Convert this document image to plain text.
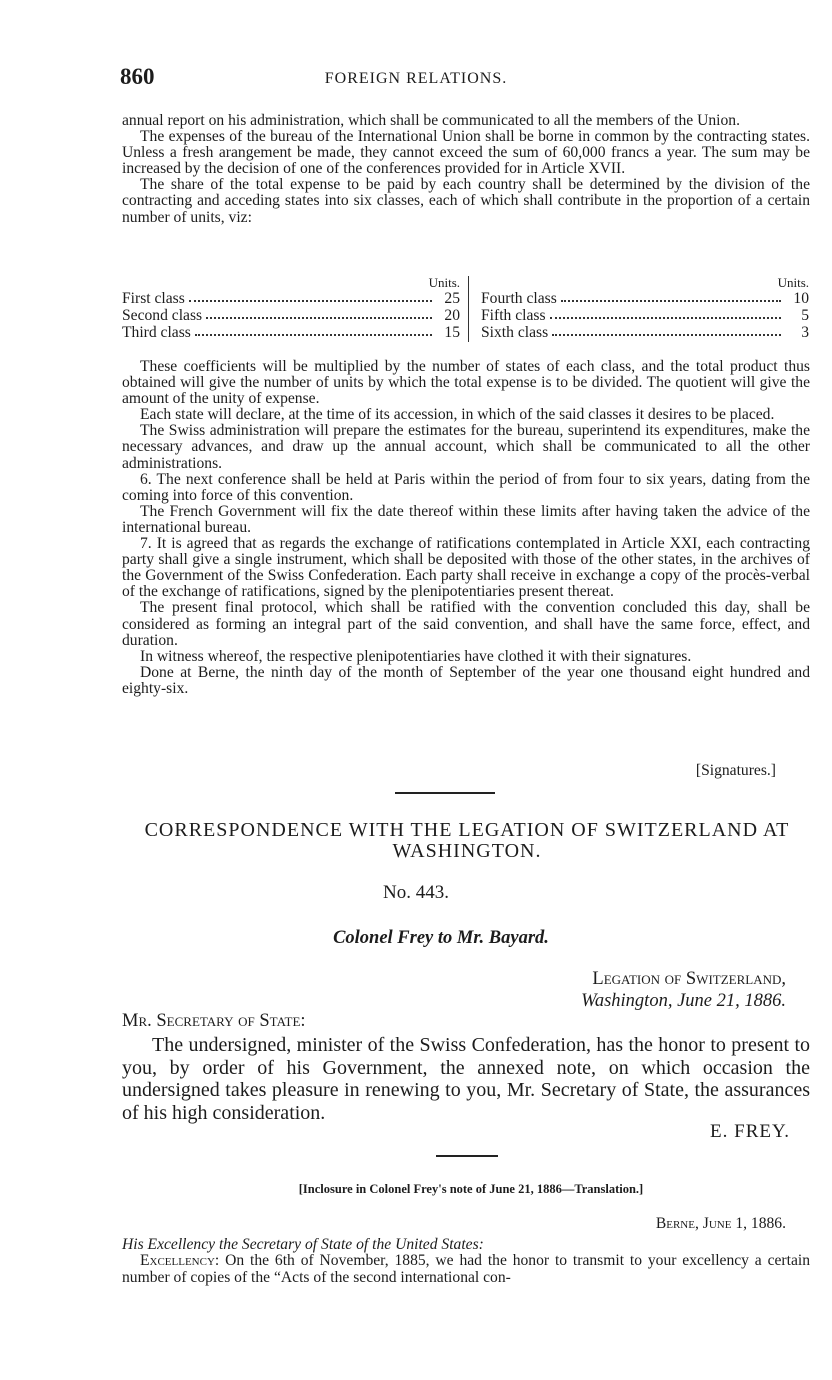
860	FOREIGN RELATIONS.

annual report on his administration, which shall be communicated to all the members of the Union.

The expenses of the bureau of the International Union shall be borne in common by the contracting states. Unless a fresh arangement be made, they cannot exceed the sum of 60,000 francs a year. The sum may be increased by the decision of one of the conferences provided for in Article XVII.

The share of the total expense to be paid by each country shall be determined by the division of the contracting and acceding states into six classes, each of which shall contribute in the proportion of a certain number of units, viz:

Units.
First class	25
Second class	20
Third class	15
Units.
Fourth class	10
Fifth class	5
Sixth class	3

These coefficients will be multiplied by the number of states of each class, and the total product thus obtained will give the number of units by which the total expense is to be divided. The quotient will give the amount of the unity of expense.

Each state will declare, at the time of its accession, in which of the said classes it desires to be placed.

The Swiss administration will prepare the estimates for the bureau, superintend its expenditures, make the necessary advances, and draw up the annual account, which shall be communicated to all the other administrations.

6. The next conference shall be held at Paris within the period of from four to six years, dating from the coming into force of this convention.

The French Government will fix the date thereof within these limits after having taken the advice of the international bureau.

7. It is agreed that as regards the exchange of ratifications contemplated in Article XXI, each contracting party shall give a single instrument, which shall be deposited with those of the other states, in the archives of the Government of the Swiss Confederation. Each party shall receive in exchange a copy of the procès-verbal of the exchange of ratifications, signed by the plenipotentiaries present thereat.

The present final protocol, which shall be ratified with the convention concluded this day, shall be considered as forming an integral part of the said convention, and shall have the same force, effect, and duration.

In witness whereof, the respective plenipotentiaries have clothed it with their signatures.

Done at Berne, the ninth day of the month of September of the year one thousand eight hundred and eighty-six.

[Signatures.]
CORRESPONDENCE WITH THE LEGATION OF SWITZERLAND AT WASHINGTON.
No. 443.
Colonel Frey to Mr. Bayard.
Legation of Switzerland,
Washington, June 21, 1886.
Mr. Secretary of State:

The undersigned, minister of the Swiss Confederation, has the honor to present to you, by order of his Government, the annexed note, on which occasion the undersigned takes pleasure in renewing to you, Mr. Secretary of State, the assurances of his high consideration.

E. FREY.
[Inclosure in Colonel Frey's note of June 21, 1886—Translation.]
Berne, June 1, 1886.
His Excellency the Secretary of State of the United States:

Excellency: On the 6th of November, 1885, we had the honor to transmit to your excellency a certain number of copies of the “Acts of the second international con-
